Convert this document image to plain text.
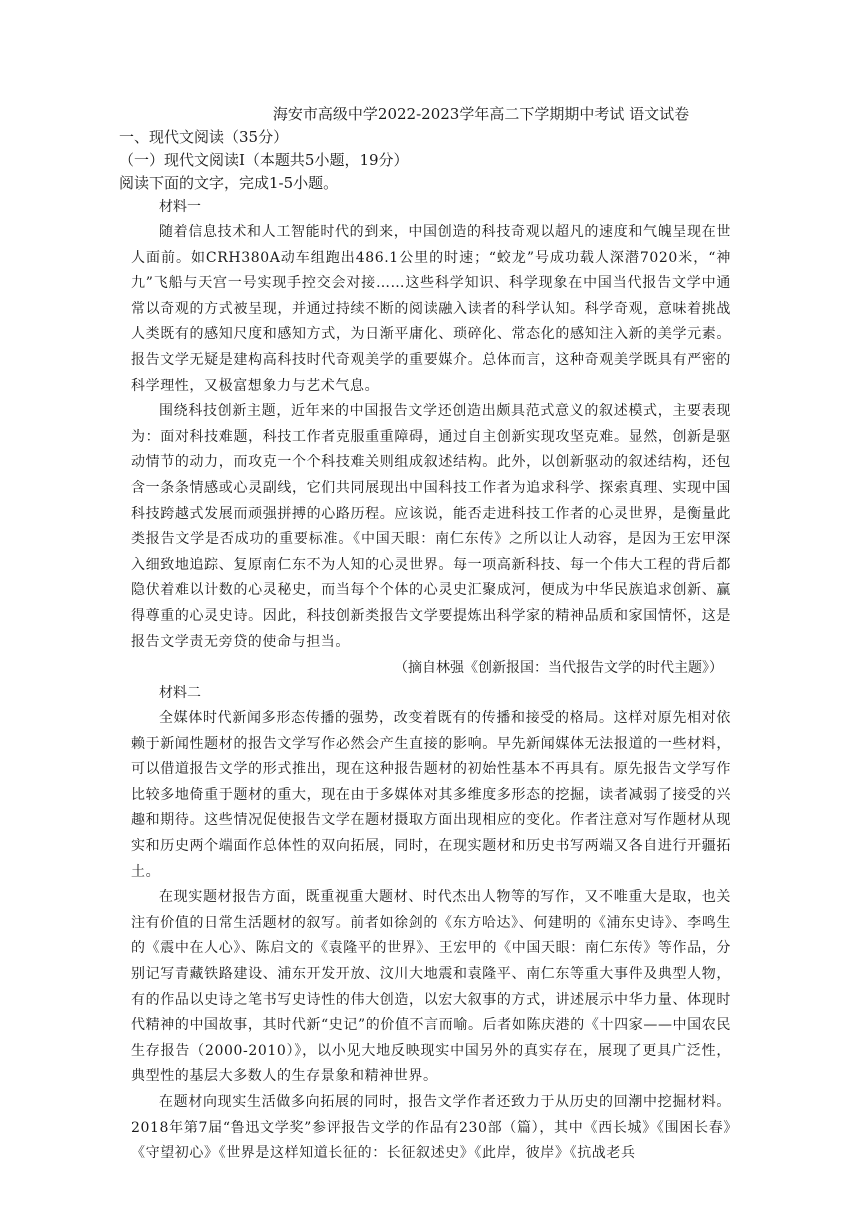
海安市高级中学2022-2023学年高二下学期期中考试 语文试卷
一、现代文阅读（35分）
（一）现代文阅读Ⅰ（本题共5小题，19分）
阅读下面的文字，完成1-5小题。
材料一

随着信息技术和人工智能时代的到来，中国创造的科技奇观以超凡的速度和气魄呈现在世人面前。如CRH380A动车组跑出486.1公里的时速；“蛟龙”号成功载人深潜7020米，“神九”飞船与天宫一号实现手控交会对接……这些科学知识、科学现象在中国当代报告文学中通常以奇观的方式被呈现，并通过持续不断的阅读融入读者的科学认知。科学奇观，意味着挑战人类既有的感知尺度和感知方式，为日渐平庸化、琐碎化、常态化的感知注入新的美学元素。报告文学无疑是建构高科技时代奇观美学的重要媒介。总体而言，这种奇观美学既具有严密的科学理性，又极富想象力与艺术气息。

围绕科技创新主题，近年来的中国报告文学还创造出颇具范式意义的叙述模式，主要表现为：面对科技难题，科技工作者克服重重障碍，通过自主创新实现攻坚克难。显然，创新是驱动情节的动力，而攻克一个个科技难关则组成叙述结构。此外，以创新驱动的叙述结构，还包含一条条情感或心灵副线，它们共同展现出中国科技工作者为追求科学、探索真理、实现中国科技跨越式发展而顽强拼搏的心路历程。应该说，能否走进科技工作者的心灵世界，是衡量此类报告文学是否成功的重要标准。《中国天眼：南仁东传》之所以让人动容，是因为王宏甲深入细致地追踪、复原南仁东不为人知的心灵世界。每一项高新科技、每一个伟大工程的背后都隐伏着难以计数的心灵秘史，而当每个个体的心灵史汇聚成河，便成为中华民族追求创新、赢得尊重的心灵史诗。因此，科技创新类报告文学要提炼出科学家的精神品质和家国情怀，这是报告文学责无旁贷的使命与担当。

（摘自林强《创新报国：当代报告文学的时代主题》）
材料二

全媒体时代新闻多形态传播的强势，改变着既有的传播和接受的格局。这样对原先相对依赖于新闻性题材的报告文学写作必然会产生直接的影响。早先新闻媒体无法报道的一些材料，可以借道报告文学的形式推出，现在这种报告题材的初始性基本不再具有。原先报告文学写作比较多地倚重于题材的重大，现在由于多媒体对其多维度多形态的挖掘，读者减弱了接受的兴趣和期待。这些情况促使报告文学在题材摄取方面出现相应的变化。作者注意对写作题材从现实和历史两个端面作总体性的双向拓展，同时，在现实题材和历史书写两端又各自进行开疆拓土。

在现实题材报告方面，既重视重大题材、时代杰出人物等的写作，又不唯重大是取，也关注有价值的日常生活题材的叙写。前者如徐剑的《东方哈达》、何建明的《浦东史诗》、李鸣生的《震中在人心》、陈启文的《袁隆平的世界》、王宏甲的《中国天眼：南仁东传》等作品，分别记写青藏铁路建设、浦东开发开放、汶川大地震和袁隆平、南仁东等重大事件及典型人物，有的作品以史诗之笔书写史诗性的伟大创造，以宏大叙事的方式，讲述展示中华力量、体现时代精神的中国故事，其时代新“史记”的价值不言而喻。后者如陈庆港的《十四家——中国农民生存报告（2000-2010）》，以小见大地反映现实中国另外的真实存在，展现了更具广泛性，典型性的基层大多数人的生存景象和精神世界。

在题材向现实生活做多向拓展的同时，报告文学作者还致力于从历史的回潮中挖掘材料。2018年第7届“鲁迅文学奖”参评报告文学的作品有230部（篇），其中《西长城》《围困长春》《守望初心》《世界是这样知道长征的：长征叙述史》《此岸，彼岸》《抗战老兵
